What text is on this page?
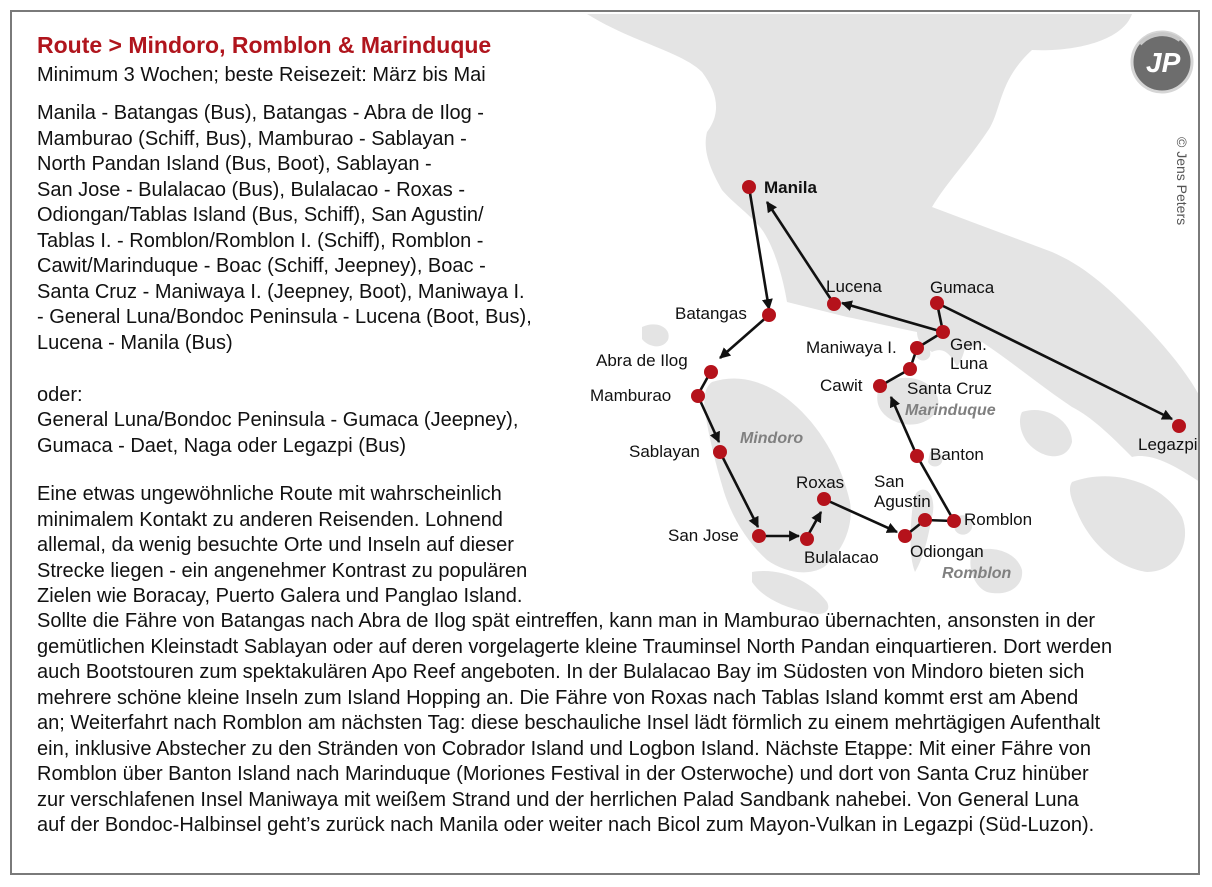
Manila
Batangas
Abra de Ilog
Mamburao
Sablayan
San Jose
Bulalacao
Roxas
Odiongan
San
Agustin
Romblon
Banton
Cawit	Santa Cruz
Maniwaya I.	Gen.
Luna
Lucena	Gumaca
Legazpi
Mindoro
Marinduque
Romblon
© Jens Peters
JP
Route > Mindoro, Romblon & Marinduque
Minimum 3 Wochen; beste Reisezeit: März bis Mai

Manila - Batangas (Bus), Batangas - Abra de Ilog -

Mamburao (Schiff, Bus), Mamburao - Sablayan -

North Pandan Island (Bus, Boot), Sablayan -

San Jose - Bulalacao (Bus), Bulalacao - Roxas -

Odiongan/Tablas Island (Bus, Schiff), San Agustin/

Tablas I. - Romblon/Romblon I. (Schiff), Romblon -

Cawit/Marinduque - Boac (Schiff, Jeepney), Boac -

Santa Cruz - Maniwaya I. (Jeepney, Boot), Maniwaya I.

- General Luna/Bondoc Peninsula - Lucena (Boot, Bus),

Lucena - Manila (Bus)

oder:

General Luna/Bondoc Peninsula - Gumaca (Jeepney),

Gumaca - Daet, Naga oder Legazpi (Bus)

Eine etwas ungewöhnliche Route mit wahrscheinlich

minimalem Kontakt zu anderen Reisenden. Lohnend

allemal, da wenig besuchte Orte und Inseln auf dieser

Strecke liegen - ein angenehmer Kontrast zu populären

Zielen wie Boracay, Puerto Galera und Panglao Island.

Sollte die Fähre von Batangas nach Abra de Ilog spät eintreffen, kann man in Mamburao übernachten, ansonsten in der

gemütlichen Kleinstadt Sablayan oder auf deren vorgelagerte kleine Trauminsel North Pandan einquartieren. Dort werden

auch Bootstouren zum spektakulären Apo Reef angeboten. In der Bulalacao Bay im Südosten von Mindoro bieten sich

mehrere schöne kleine Inseln zum Island Hopping an. Die Fähre von Roxas nach Tablas Island kommt erst am Abend

an; Weiterfahrt nach Romblon am nächsten Tag: diese beschauliche Insel lädt förmlich zu einem mehrtägigen Aufenthalt

ein, inklusive Abstecher zu den Stränden von Cobrador Island und Logbon Island. Nächste Etappe: Mit einer Fähre von

Romblon über Banton Island nach Marinduque (Moriones Festival in der Osterwoche) und dort von Santa Cruz hinüber

zur verschlafenen Insel Maniwaya mit weißem Strand und der herrlichen Palad Sandbank nahebei. Von General Luna

auf der Bondoc-Halbinsel geht’s zurück nach Manila oder weiter nach Bicol zum Mayon-Vulkan in Legazpi (Süd-Luzon).
